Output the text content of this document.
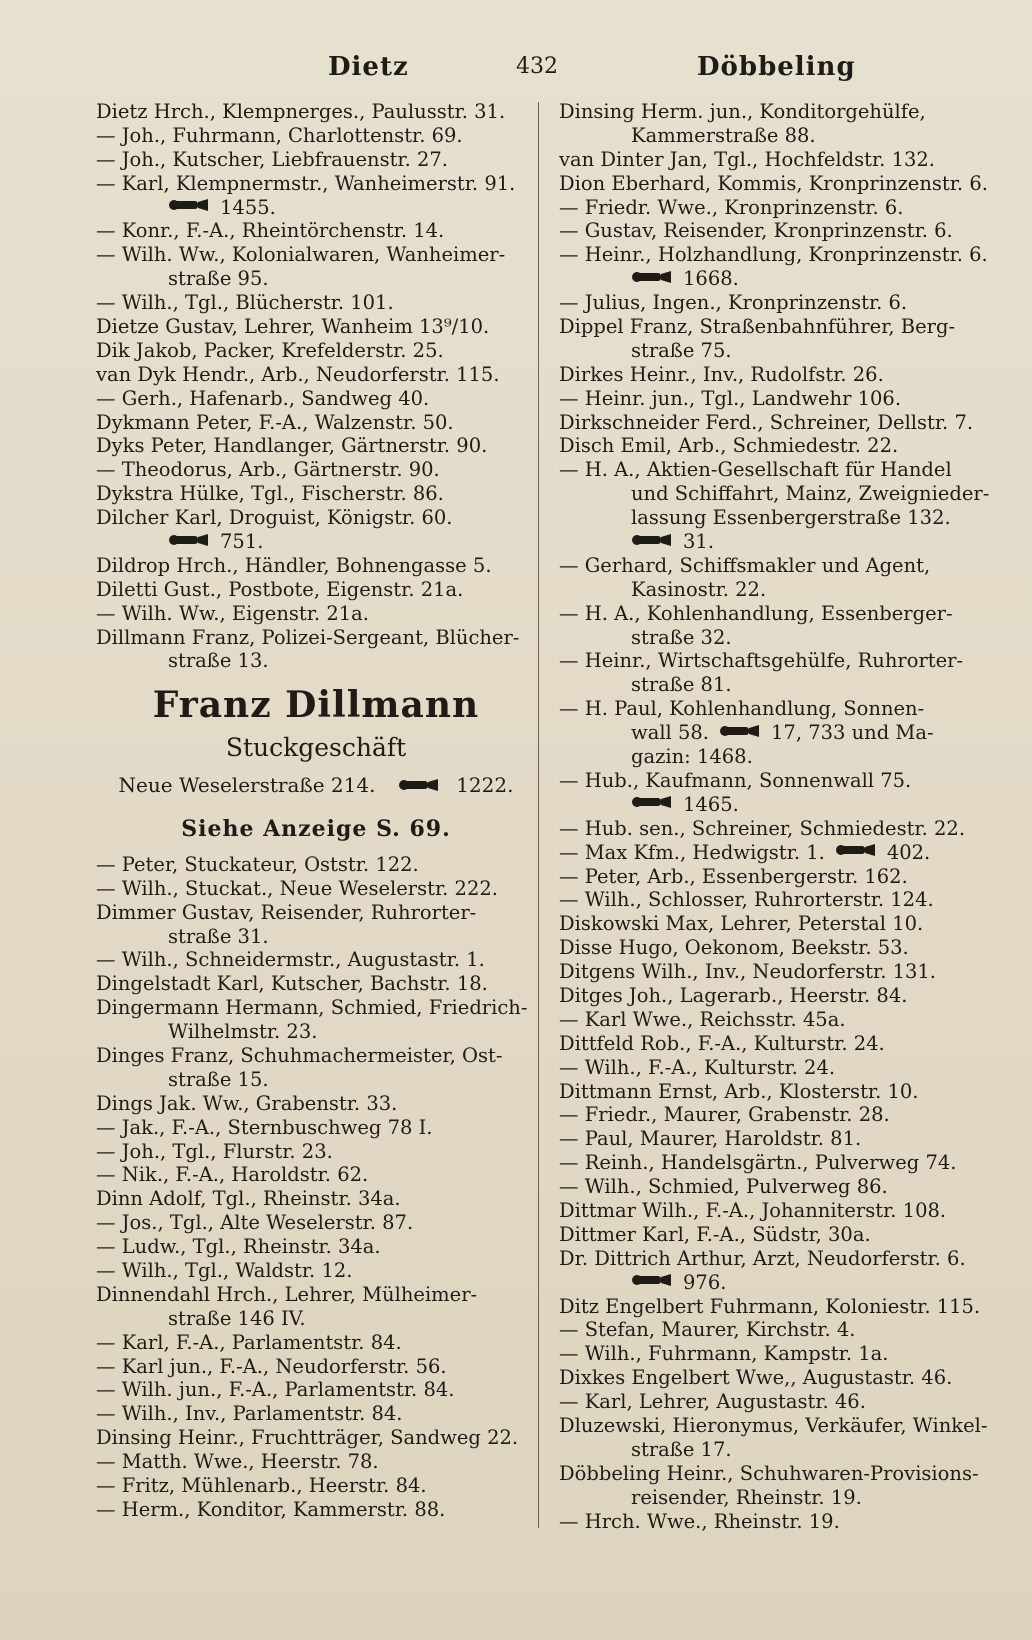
Dietz	432	Döbbeling
Dietz Hrch., Klempnerges., Paulusstr. 31.
— Joh., Fuhrmann, Charlottenstr. 69.
— Joh., Kutscher, Liebfrauenstr. 27.
— Karl, Klempnermstr., Wanheimerstr. 91.
1455.
— Konr., F.-A., Rheintörchenstr. 14.
— Wilh. Ww., Kolonialwaren, Wanheimer-
straße 95.
— Wilh., Tgl., Blücherstr. 101.
Dietze Gustav, Lehrer, Wanheim 13⁹/10.
Dik Jakob, Packer, Krefelderstr. 25.
van Dyk Hendr., Arb., Neudorferstr. 115.
— Gerh., Hafenarb., Sandweg 40.
Dykmann Peter, F.-A., Walzenstr. 50.
Dyks Peter, Handlanger, Gärtnerstr. 90.
— Theodorus, Arb., Gärtnerstr. 90.
Dykstra Hülke, Tgl., Fischerstr. 86.
Dilcher Karl, Droguist, Königstr. 60.
751.
Dildrop Hrch., Händler, Bohnengasse 5.
Diletti Gust., Postbote, Eigenstr. 21a.
— Wilh. Ww., Eigenstr. 21a.
Dillmann Franz, Polizei-Sergeant, Blücher-
straße 13.
Franz Dillmann
Stuckgeschäft
Neue Weselerstraße 214.	1222.
Siehe Anzeige S. 69.
— Peter, Stuckateur, Oststr. 122.
— Wilh., Stuckat., Neue Weselerstr. 222.
Dimmer Gustav, Reisender, Ruhrorter-
straße 31.
— Wilh., Schneidermstr., Augustastr. 1.
Dingelstadt Karl, Kutscher, Bachstr. 18.
Dingermann Hermann, Schmied, Friedrich-
Wilhelmstr. 23.
Dinges Franz, Schuhmachermeister, Ost-
straße 15.
Dings Jak. Ww., Grabenstr. 33.
— Jak., F.-A., Sternbuschweg 78 I.
— Joh., Tgl., Flurstr. 23.
— Nik., F.-A., Haroldstr. 62.
Dinn Adolf, Tgl., Rheinstr. 34a.
— Jos., Tgl., Alte Weselerstr. 87.
— Ludw., Tgl., Rheinstr. 34a.
— Wilh., Tgl., Waldstr. 12.
Dinnendahl Hrch., Lehrer, Mülheimer-
straße 146 IV.
— Karl, F.-A., Parlamentstr. 84.
— Karl jun., F.-A., Neudorferstr. 56.
— Wilh. jun., F.-A., Parlamentstr. 84.
— Wilh., Inv., Parlamentstr. 84.
Dinsing Heinr., Fruchtträger, Sandweg 22.
— Matth. Wwe., Heerstr. 78.
— Fritz, Mühlenarb., Heerstr. 84.
— Herm., Konditor, Kammerstr. 88.
Dinsing Herm. jun., Konditorgehülfe,
Kammerstraße 88.
van Dinter Jan, Tgl., Hochfeldstr. 132.
Dion Eberhard, Kommis, Kronprinzenstr. 6.
— Friedr. Wwe., Kronprinzenstr. 6.
— Gustav, Reisender, Kronprinzenstr. 6.
— Heinr., Holzhandlung, Kronprinzenstr. 6.
1668.
— Julius, Ingen., Kronprinzenstr. 6.
Dippel Franz, Straßenbahnführer, Berg-
straße 75.
Dirkes Heinr., Inv., Rudolfstr. 26.
— Heinr. jun., Tgl., Landwehr 106.
Dirkschneider Ferd., Schreiner, Dellstr. 7.
Disch Emil, Arb., Schmiedestr. 22.
— H. A., Aktien-Gesellschaft für Handel
und Schiffahrt, Mainz, Zweignieder-
lassung Essenbergerstraße 132.
31.
— Gerhard, Schiffsmakler und Agent,
Kasinostr. 22.
— H. A., Kohlenhandlung, Essenberger-
straße 32.
— Heinr., Wirtschaftsgehülfe, Ruhrorter-
straße 81.
— H. Paul, Kohlenhandlung, Sonnen-
wall 58.	17, 733 und Ma-
gazin: 1468.
— Hub., Kaufmann, Sonnenwall 75.
1465.
— Hub. sen., Schreiner, Schmiedestr. 22.
— Max Kfm., Hedwigstr. 1.	402.
— Peter, Arb., Essenbergerstr. 162.
— Wilh., Schlosser, Ruhrorterstr. 124.
Diskowski Max, Lehrer, Peterstal 10.
Disse Hugo, Oekonom, Beekstr. 53.
Ditgens Wilh., Inv., Neudorferstr. 131.
Ditges Joh., Lagerarb., Heerstr. 84.
— Karl Wwe., Reichsstr. 45a.
Dittfeld Rob., F.-A., Kulturstr. 24.
— Wilh., F.-A., Kulturstr. 24.
Dittmann Ernst, Arb., Klosterstr. 10.
— Friedr., Maurer, Grabenstr. 28.
— Paul, Maurer, Haroldstr. 81.
— Reinh., Handelsgärtn., Pulverweg 74.
— Wilh., Schmied, Pulverweg 86.
Dittmar Wilh., F.-A., Johanniterstr. 108.
Dittmer Karl, F.-A., Südstr, 30a.
Dr. Dittrich Arthur, Arzt, Neudorferstr. 6.
976.
Ditz Engelbert Fuhrmann, Koloniestr. 115.
— Stefan, Maurer, Kirchstr. 4.
— Wilh., Fuhrmann, Kampstr. 1a.
Dixkes Engelbert Wwe,, Augustastr. 46.
— Karl, Lehrer, Augustastr. 46.
Dluzewski, Hieronymus, Verkäufer, Winkel-
straße 17.
Döbbeling Heinr., Schuhwaren-Provisions-
reisender, Rheinstr. 19.
— Hrch. Wwe., Rheinstr. 19.
